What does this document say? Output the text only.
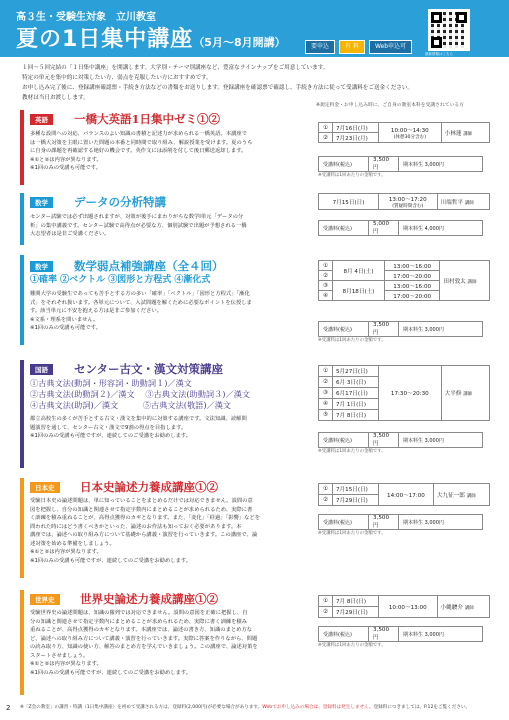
高３生・受験生対象　立川教室
夏の1日集中講座（5月〜8月開講）	要申込	有 料	Web申込可
最新情報はこちら
１回〜５回完結の「１日集中講座」を開講します。大学別・テーマ別講座など、豊富なラインナップをご用意しています。
特定の単元を集中的に対策したい方、弱点を克服したい方におすすめです。
お申し込み完了後に、登録講座確認票・手続き方法などの書類をお送りします。登録講座を確認票で確認し、手続き方法に従って受講料をご送金ください。
教材は当日お渡しします。
※規定料金・お申し込み時に、ご自身の教室本科を受講されている方
英語	一橋大英語1日集中ゼミ①②
多種な設問への対応、バランスのよい知識の書積と記述力が求められる一橋英語。本講座で
は一橋大対策を主眼に置いた問題の本番と同時間で取り組み、解説授業を受けます。夏のうち
に自身の課題を再確認する絶好の機会です。英作文には添削を付して後日郵送返却します。
※①と②は内容が異なります。
※1回のみの受講も可能です。
①	7月16日(月)	10:00〜14:30
(休憩30分含む)	小林蓮 講師
②	7月23日(月)		
受講料(税込)	3,500円	期本料生 3,000円
※受講料は1回あたりの金額です。
数学	データの分析特講
センター試験では必ず出題されますが、対策が後手にまわりがちな数学Ⅰ単元「データの分
析」の集中講義です。センター試験で高得点が必要な方、個別試験で出題が予想される一橋
大志望者は是非ご受講ください。
7月15日(日)	13:00〜17:20
(質疑時間含む)
	川端哲平 講師
受講料(税込)	5,000円	期本料生 4,000円
数学	数学弱点補強講座（全４回）
①確率 ②ベクトル ③図形と方程式 ④漸化式
難関大学の受験生であっても苦手とする方の多い「確率」「ベクトル」「図形と方程式」「漸化
式」をそれぞれ扱います。各単元について、入試問題を解くために必要なポイントを伝授しま
す。該当単元に不安を抱える方は是非ご参加ください。
※文系・理系を問いません。
※1回のみの受講も可能です。
①	8月 4日(土)	13:00〜16:00	田村敦太 講師
②		17:00〜20:00	
③	8月18日(土)	13:00〜16:00	
④		17:00〜20:00	
受講料(税込)	3,500円	期本料生 3,000円
※受講料は1回あたりの金額です。
国語	センター古文・漢文対策講座
①古典文法(動詞・形容詞・助動詞１)／漢文
②古典文法(助動詞２)／漢文　 ③古典文法(助動詞３)／漢文
④古典文法(助詞)／漢文　　　⑤古典文法(敬語)／漢文
都立高校生の多くが苦手とする古文・漢文を集中的に対策する講座です。文法知識、読解問
題演習を通して、センター古文・漢文で9割の得点を目指します。
※1回のみの受講も可能ですが、連続してのご受講をお勧めします。
①	5月27日(日)	17:30〜20:30	大平修 講師
②	6月 3日(日)		
③	6月17日(日)		
④	7月 1日(日)		
⑤	7月 8日(日)		
受講料(税込)	3,500円	期本料生 3,000円
※受講料は1回あたりの金額です。
日本史	日本史論述力養成講座①②
受験日本史の論述問題は、単に知っていることをまとめるだけでは対応できません。設問の意
図を把握し、自分の知識と関連させて指定字数内にまとめることが求められるため、実際に書
く訓練を積み重ねることが、高得点獲得のカギとなります。また、「変化」「経過」「影響」などを
問われた時にはどう書くべきかといった、論述のお作法も知っておく必要があります。本
講座では、論述への取り組み方について基礎から講義・演習を行っていきます。この講座で、論
述対策を始める準備をしましょう。
※①と②は内容が異なります。
※1回のみの受講も可能ですが、連続してのご受講をお勧めします。
①	7月15日(日)	14:00〜17:00	大九征一郎 講師
②	7月29日(日)		
受講料(税込)	3,500円	期本料生 3,000円
※受講料は1回あたりの金額です。
世界史	世界史論述力養成講座①②
受験世界史の論述問題は、知識の羅列では対応できません。設問の意図を正確に把握し、自
分の知識と関連させて指定字数内にまとめることが求められるため、実際に書く訓練を積み
重ねることが、高得点獲得のカギとなります。本講座では、論述の書き方、知識のまとめ方な
ど、論述への取り組み方について講義・演習を行っていきます。実際に答案を作りながら、問題
の読み取り方、知識の使い方、解答のまとめ方を学んでいきましょう。この講座で、論述対策を
スタートさせましょう。
※①と②は内容が異なります。
※1回のみの受講も可能ですが、連続してのご受講をお勧めします。
①	7月 8日(日)	10:00〜13:00	小縄駿介 講師
②	7月29日(日)		
受講料(税込)	3,500円	期本料生 3,000円
※受講料は1回あたりの金額です。
2 ※「Z会の教室」の講習・特講（1日集中講座）を初めて受講される方は、登録料(2,000円)が必要な場合があります。Webでお申し込みの場合は、登録料は発生しません。登録料につきましては、P.12をご覧ください。
